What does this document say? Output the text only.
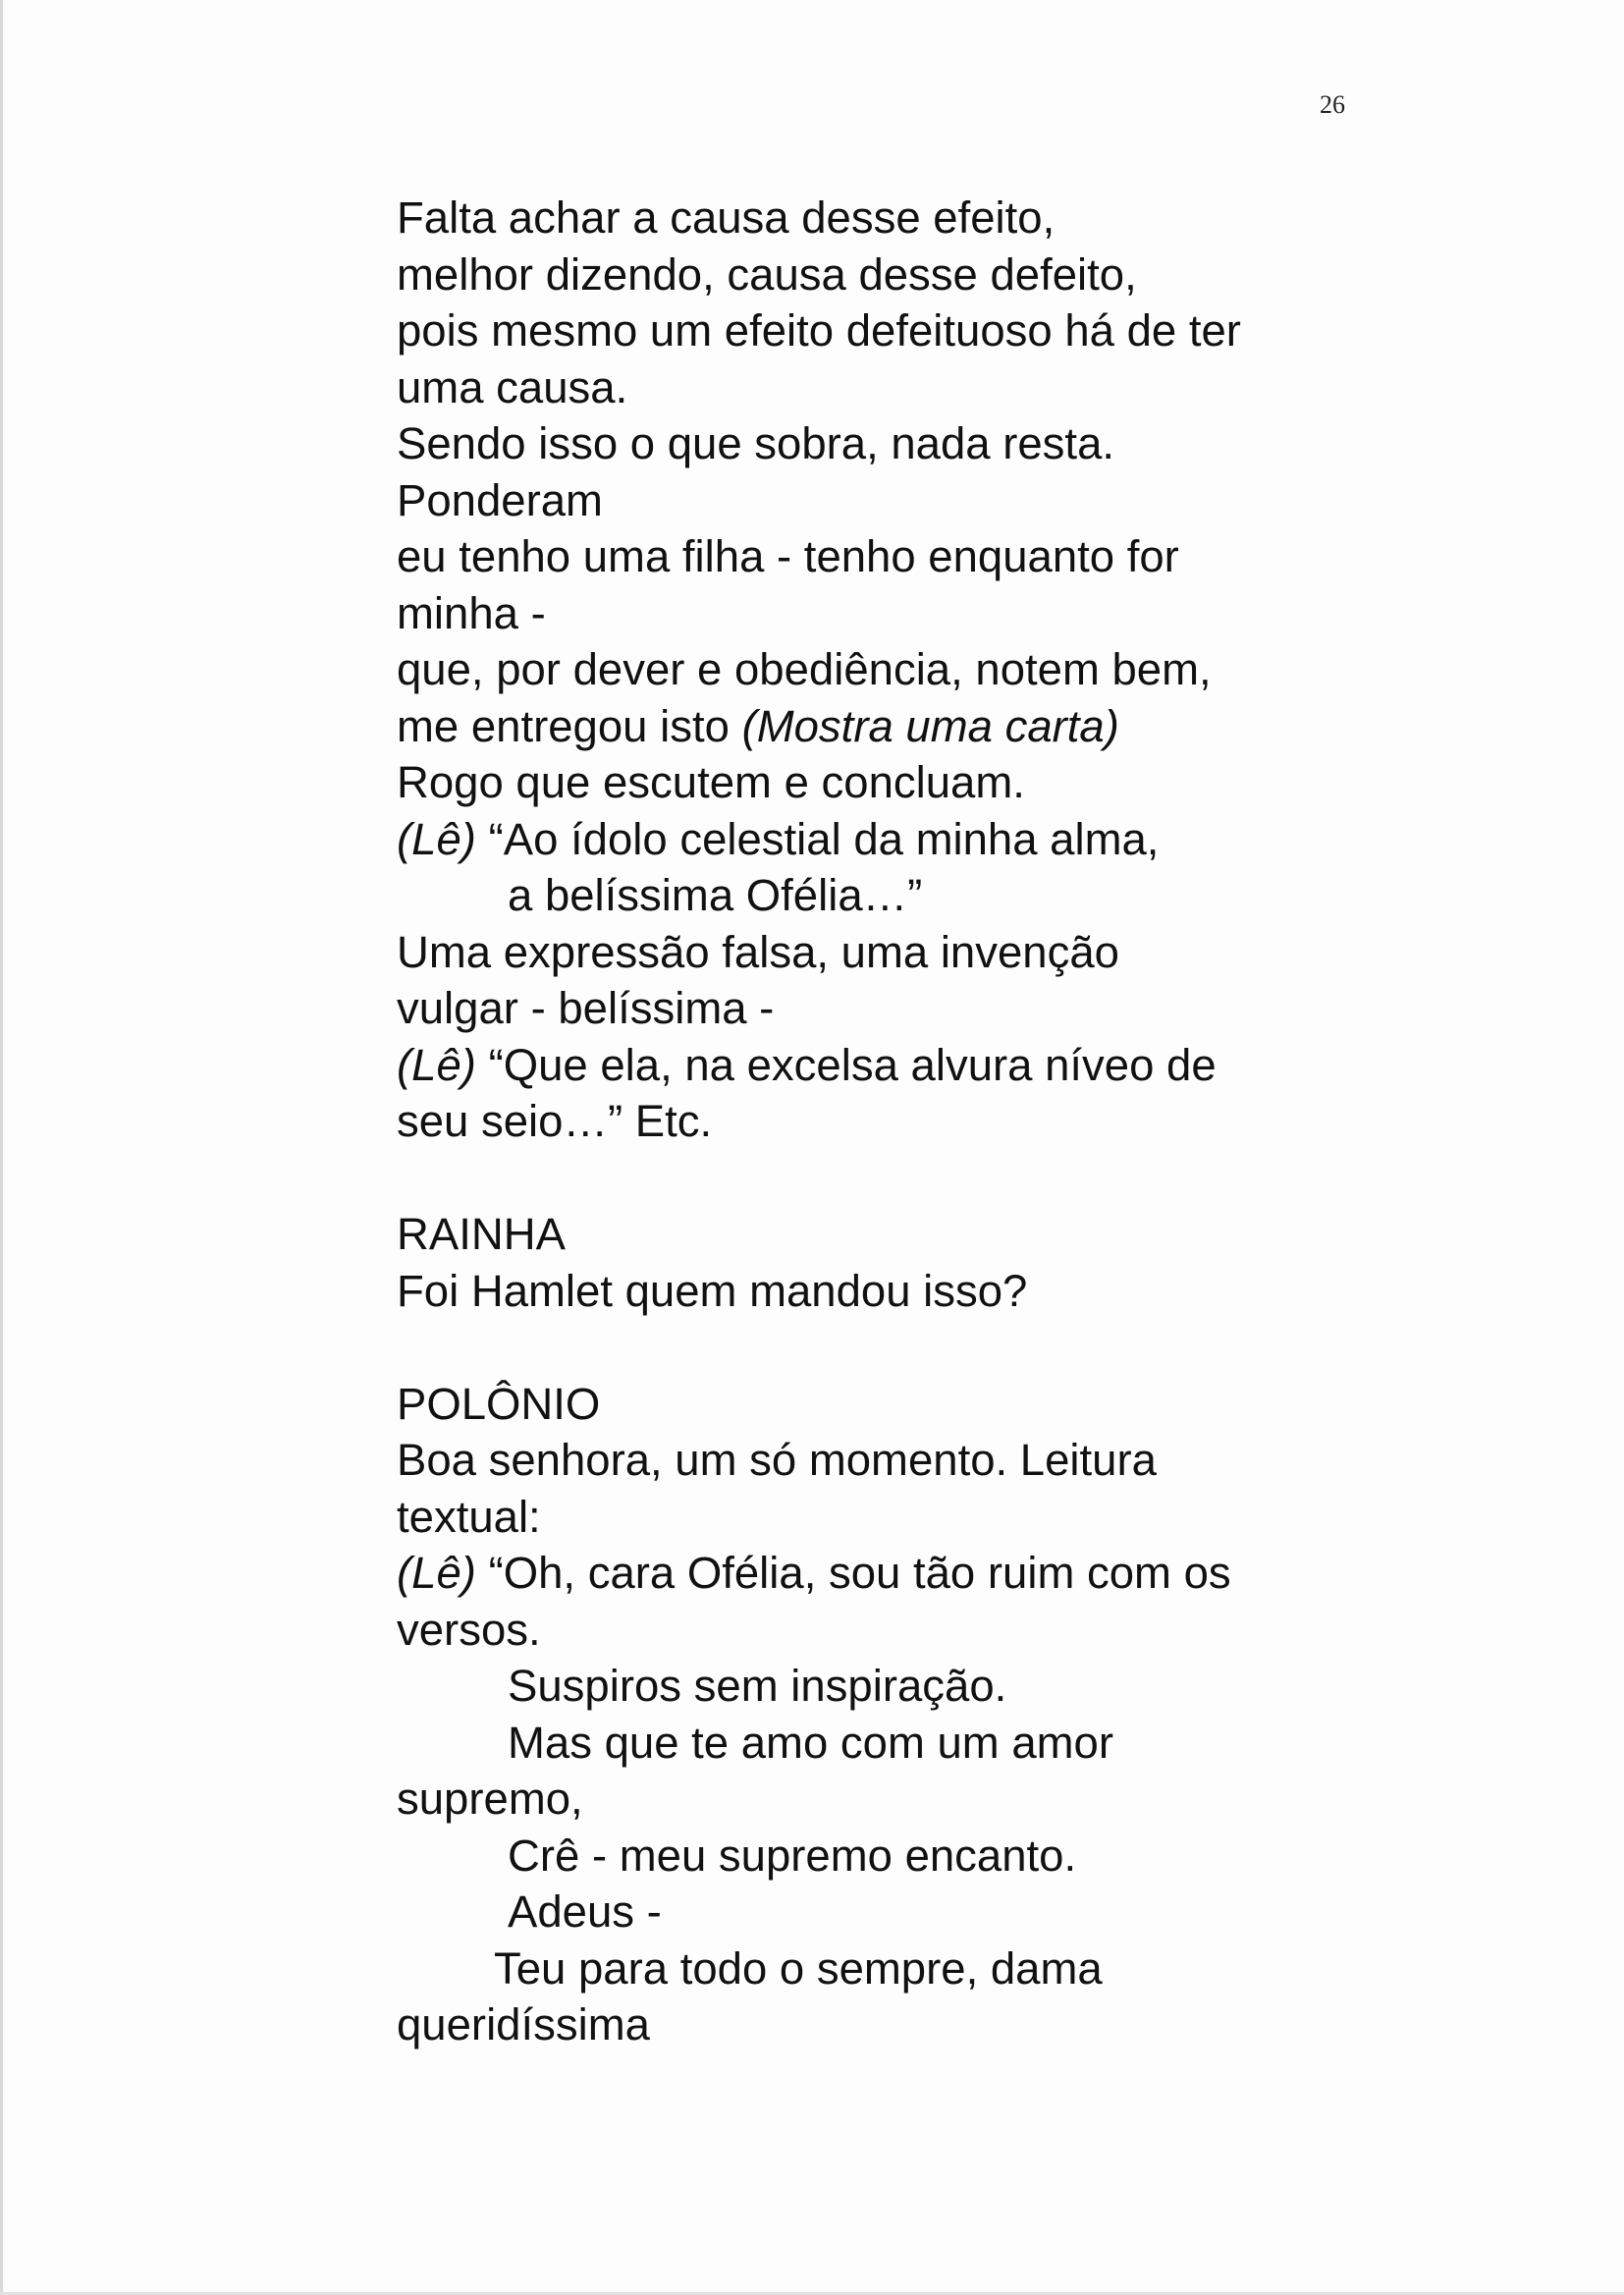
26
Falta achar a causa desse efeito,
melhor dizendo, causa desse defeito,
pois mesmo um efeito defeituoso há de ter
uma causa.
Sendo isso o que sobra, nada resta.
Ponderam
eu tenho uma filha - tenho enquanto for
minha -
que, por dever e obediência, notem bem,
me entregou isto (Mostra uma carta)
Rogo que escutem e concluam.
(Lê) “Ao ídolo celestial da minha alma,
a belíssima Ofélia…”
Uma expressão falsa, uma invenção
vulgar - belíssima -
(Lê) “Que ela, na excelsa alvura níveo de
seu seio…” Etc.
RAINHA
Foi Hamlet quem mandou isso?
POLÔNIO
Boa senhora, um só momento. Leitura
textual:
(Lê) “Oh, cara Ofélia, sou tão ruim com os
versos.
Suspiros sem inspiração.
Mas que te amo com um amor
supremo,
Crê - meu supremo encanto.
Adeus -
Teu para todo o sempre, dama
queridíssima
